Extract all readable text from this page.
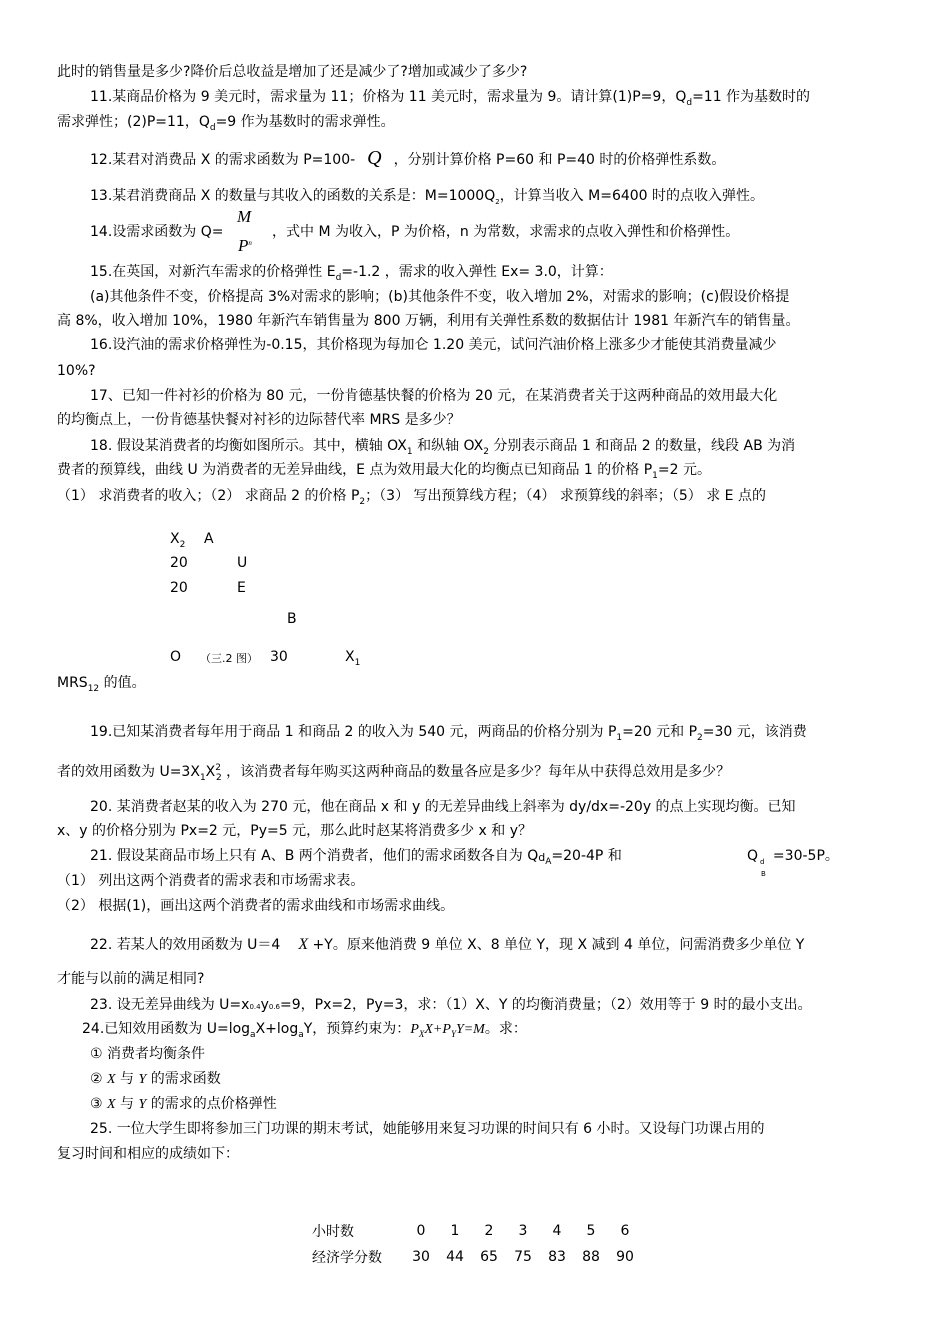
此时的销售量是多少?降价后总收益是增加了还是减少了?增加或减少了多少?
11.某商品价格为 9 美元时，需求量为 11；价格为 11 美元时，需求量为 9。请计算(1)P=9，$Q_d=11$ 作为基数时的
需求弹性；(2)P=11，$Q_d=9$ 作为基数时的需求弹性。
12.某君对消费品 X 的需求函数为 P=100- Q ，分别计算价格 P=60 和 P=40 时的价格弹性系数。
13.某君消费商品 X 的数量与其收入的函数的关系是：$M=1000Q_2$，计算当收入 M=6400 时的点收入弹性。
14.设需求函数为 Q=
M
$P^n$
，式中 M 为收入，P 为价格，n 为常数，求需求的点收入弹性和价格弹性。
15.在英国，对新汽车需求的价格弹性 $E_d=-1.2$ ，需求的收入弹性 Ex= 3.0，计算：
(a)其他条件不变，价格提高 3%对需求的影响；(b)其他条件不变，收入增加 2%，对需求的影响；(c)假设价格提
高 8%，收入增加 10%，1980 年新汽车销售量为 800 万辆，利用有关弹性系数的数据估计 1981 年新汽车的销售量。
16.设汽油的需求价格弹性为-0.15，其价格现为每加仑 1.20 美元，试问汽油价格上涨多少才能使其消费量减少
10%?
17、已知一件衬衫的价格为 80 元，一份肯德基快餐的价格为 20 元，在某消费者关于这两种商品的效用最大化
的均衡点上，一份肯德基快餐对衬衫的边际替代率 MRS 是多少？
18. 假设某消费者的均衡如图所示。其中，横轴 $OX_1$ 和纵轴 $OX_2$ 分别表示商品 1 和商品 2 的数量，线段 AB 为消
费者的预算线，曲线 U 为消费者的无差异曲线，E 点为效用最大化的均衡点已知商品 1 的价格 $P_1=2$ 元。
（1） 求消费者的收入；（2） 求商品 2 的价格 $P_2$；（3） 写出预算线方程；（4） 求预算线的斜率；（5） 求 E 点的
$X_2$ A
20	U
20	E
B
O （三.2 图） 30	$X_1$
$MRS_{12}$ 的值。
19.已知某消费者每年用于商品 1 和商品 2 的收入为 540 元，两商品的价格分别为 $P_1=20$ 元和 $P_2=30$ 元，该消费
者的效用函数为 $U=3X_1X^2_2$ ，该消费者每年购买这两种商品的数量各应是多少？每年从中获得总效用是多少？
20. 某消费者赵某的收入为 270 元，他在商品 x 和 y 的无差异曲线上斜率为 dy/dx=-20y 的点上实现均衡。已知
x、y 的价格分别为 Px=2 元，Py=5 元，那么此时赵某将消费多少 x 和 y？
21. 假设某商品市场上只有 A、B 两个消费者，他们的需求函数各自为 $Qd_A=20-4P$ 和	Q $_d$
B
=30-5P。
（1） 列出这两个消费者的需求表和市场需求表。
（2） 根据(1)，画出这两个消费者的需求曲线和市场需求曲线。
22. 若某人的效用函数为 U＝4 X +Y。原来他消费 9 单位 X、8 单位 Y，现 X 减到 4 单位，问需消费多少单位 Y
才能与以前的满足相同?
23. 设无差异曲线为 U=x0.4y0.6=9，Px=2，Py=3，求：（1）X、Y 的均衡消费量；（2）效用等于 9 时的最小支出。
24.已知效用函数为 $U=\log_aX+\log_aY$，预算约束为：$P_XX+P_YY=M$。求：
① 消费者均衡条件
② X 与 Y 的需求函数
③ X 与 Y 的需求的点价格弹性
25. 一位大学生即将参加三门功课的期末考试，她能够用来复习功课的时间只有 6 小时。又设每门功课占用的
复习时间和相应的成绩如下：
小时数	0	1	2	3	4	5	6
经济学分数	30	44	65	75	83	88	90
